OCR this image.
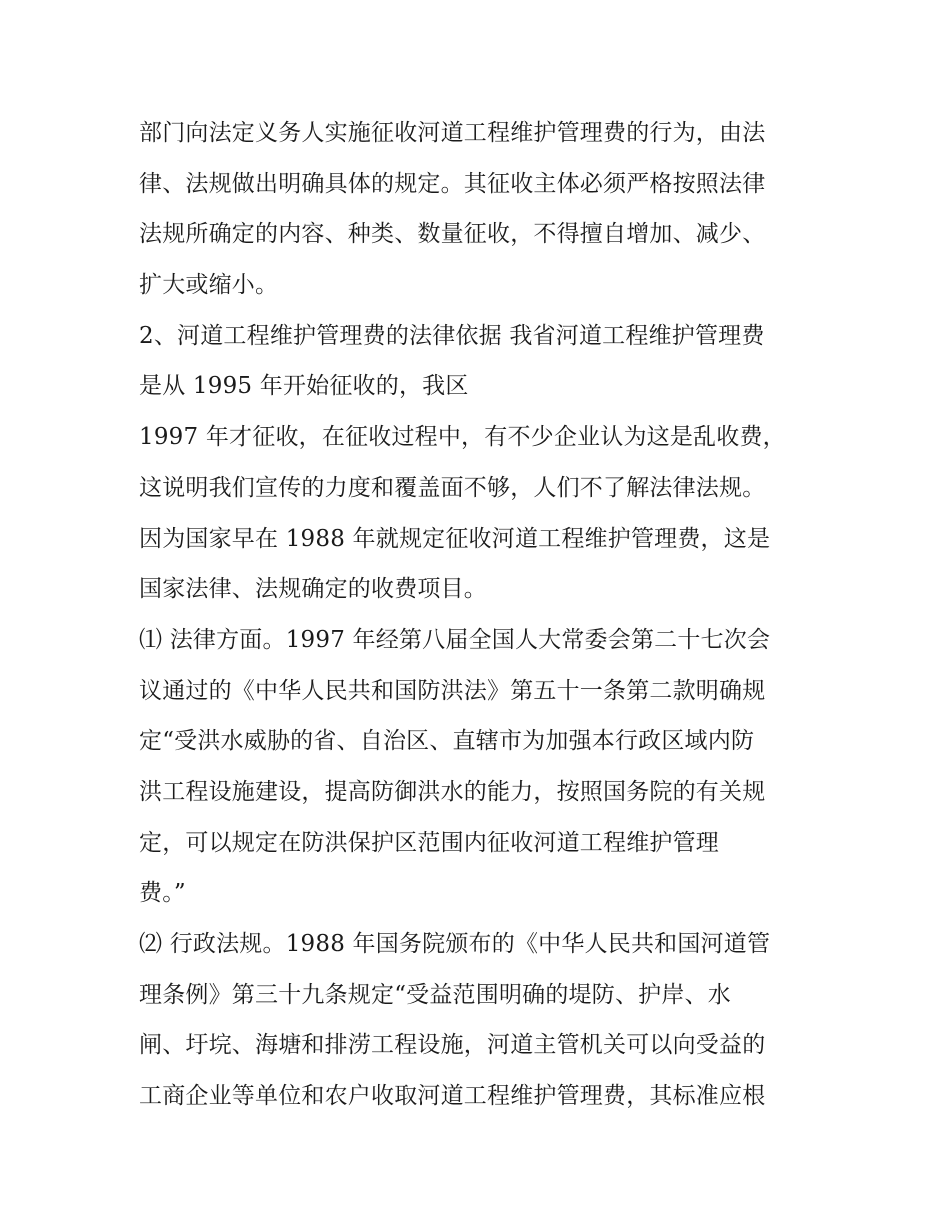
部门向法定义务人实施征收河道工程维护管理费的行为，由法
律、法规做出明确具体的规定。其征收主体必须严格按照法律
法规所确定的内容、种类、数量征收，不得擅自增加、减少、
扩大或缩小。
2、河道工程维护管理费的法律依据 我省河道工程维护管理费
是从 1995 年开始征收的，我区
1997 年才征收，在征收过程中，有不少企业认为这是乱收费，
这说明我们宣传的力度和覆盖面不够，人们不了解法律法规。
因为国家早在 1988 年就规定征收河道工程维护管理费，这是
国家法律、法规确定的收费项目。
⑴ 法律方面。1997 年经第八届全国人大常委会第二十七次会
议通过的《中华人民共和国防洪法》第五十一条第二款明确规
定“受洪水威胁的省、自治区、直辖市为加强本行政区域内防
洪工程设施建设，提高防御洪水的能力，按照国务院的有关规
定，可以规定在防洪保护区范围内征收河道工程维护管理
费。”
⑵ 行政法规。1988 年国务院颁布的《中华人民共和国河道管
理条例》第三十九条规定“受益范围明确的堤防、护岸、水
闸、圩垸、海塘和排涝工程设施，河道主管机关可以向受益的
工商企业等单位和农户收取河道工程维护管理费，其标准应根
